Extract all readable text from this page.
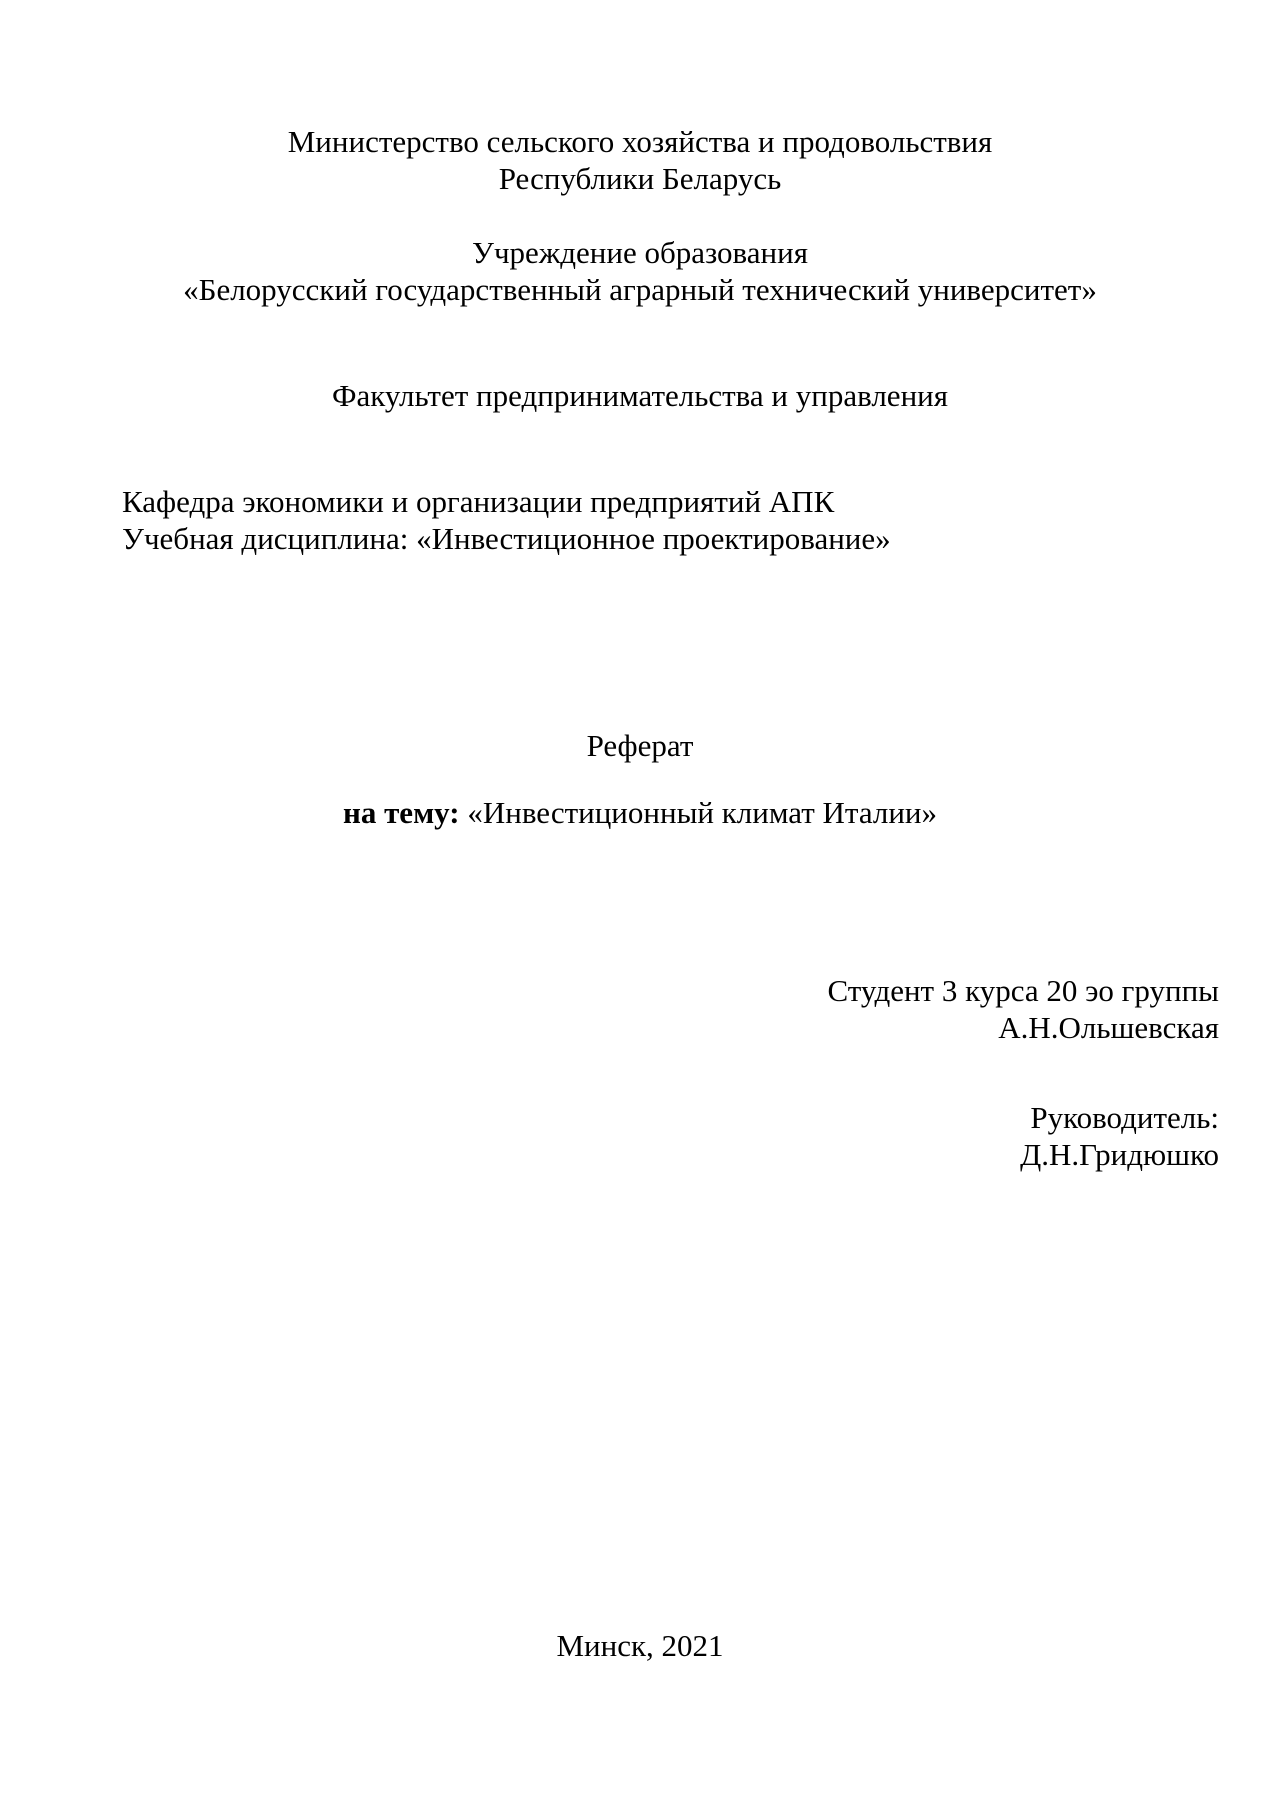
Министерство сельского хозяйства и продовольствия
Республики Беларусь
Учреждение образования
«Белорусский государственный аграрный технический университет»
Факультет предпринимательства и управления
Кафедра экономики и организации предприятий АПК
Учебная дисциплина: «Инвестиционное проектирование»
Реферат
на тему: «Инвестиционный климат Италии»
Студент 3 курса 20 эо группы
А.Н.Ольшевская
Руководитель:
Д.Н.Гридюшко
Минск, 2021
